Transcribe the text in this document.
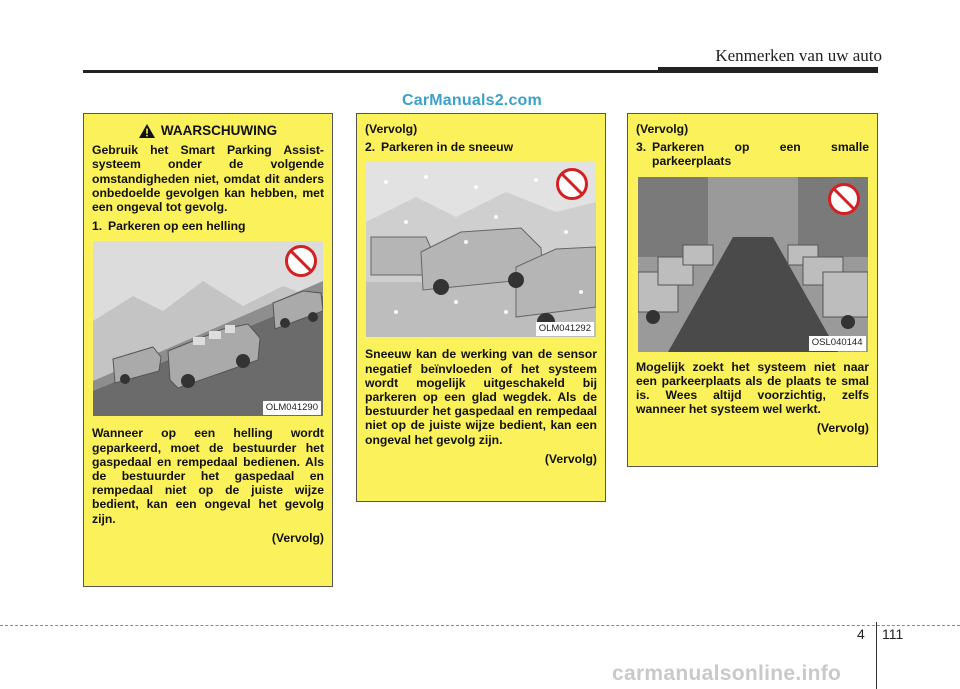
Kenmerken van uw auto
CarManuals2.com
WAARSCHUWING

Gebruik het Smart Parking Assist-systeem onder de volgende omstandigheden niet, omdat dit anders onbedoelde gevolgen kan hebben, met een ongeval tot gevolg.

1. Parkeren op een helling
OLM041290

Wanneer op een helling wordt geparkeerd, moet de bestuurder het gaspedaal en rempedaal bedienen. Als de bestuurder het gaspedaal en rempedaal niet op de juiste wijze bedient, kan een ongeval het gevolg zijn.

(Vervolg)
(Vervolg)
2. Parkeren in de sneeuw
OLM041292

Sneeuw kan de werking van de sensor negatief beïnvloeden of het systeem wordt mogelijk uitgeschakeld bij parkeren op een glad wegdek. Als de bestuurder het gaspedaal en rempedaal niet op de juiste wijze bedient, kan een ongeval het gevolg zijn.

(Vervolg)
(Vervolg)
3. Parkeren op een smalle parkeerplaats
OSL040144

Mogelijk zoekt het systeem niet naar een parkeerplaats als de plaats te smal is. Wees altijd voorzichtig, zelfs wanneer het systeem wel werkt.

(Vervolg)
4 111
carmanualsonline.info
